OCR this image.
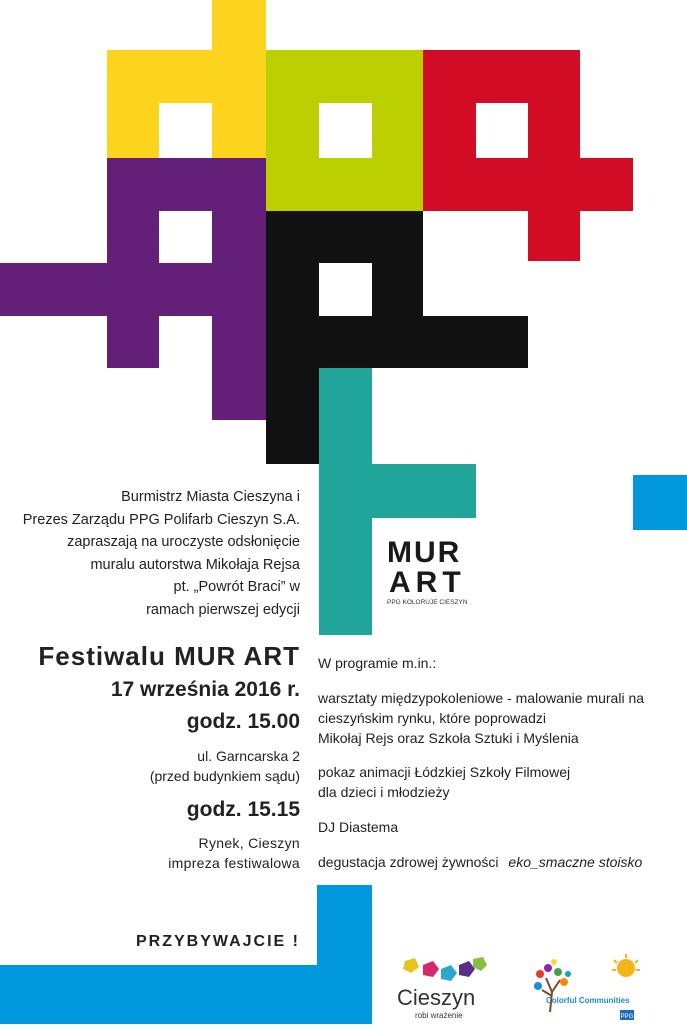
MUR
ART
PPG KOLORUJE CIESZYN
Burmistrz Miasta Cieszyna i
Prezes Zarządu PPG Polifarb Cieszyn S.A.
zapraszają na uroczyste odsłonięcie
muralu autorstwa Mikołaja Rejsa
pt. „Powrót Braci” w
ramach pierwszej edycji
Festiwalu MUR ART
17 września 2016 r.
godz. 15.00
ul. Garncarska 2
(przed budynkiem sądu)
godz. 15.15
Rynek, Cieszyn
impreza festiwalowa
PRZYBYWAJCIE !
W programie m.in.:
warsztaty międzypokoleniowe - malowanie murali na
cieszyńskim rynku, które poprowadzi
Mikołaj Rejs oraz Szkoła Sztuki i Myślenia
pokaz animacji Łódzkiej Szkoły Filmowej
dla dzieci i młodzieży
DJ Diastema
degustacja zdrowej żywności eko_smaczne stoisko
Cieszyn
robi wrażenie	PPG
Colorful Communities
